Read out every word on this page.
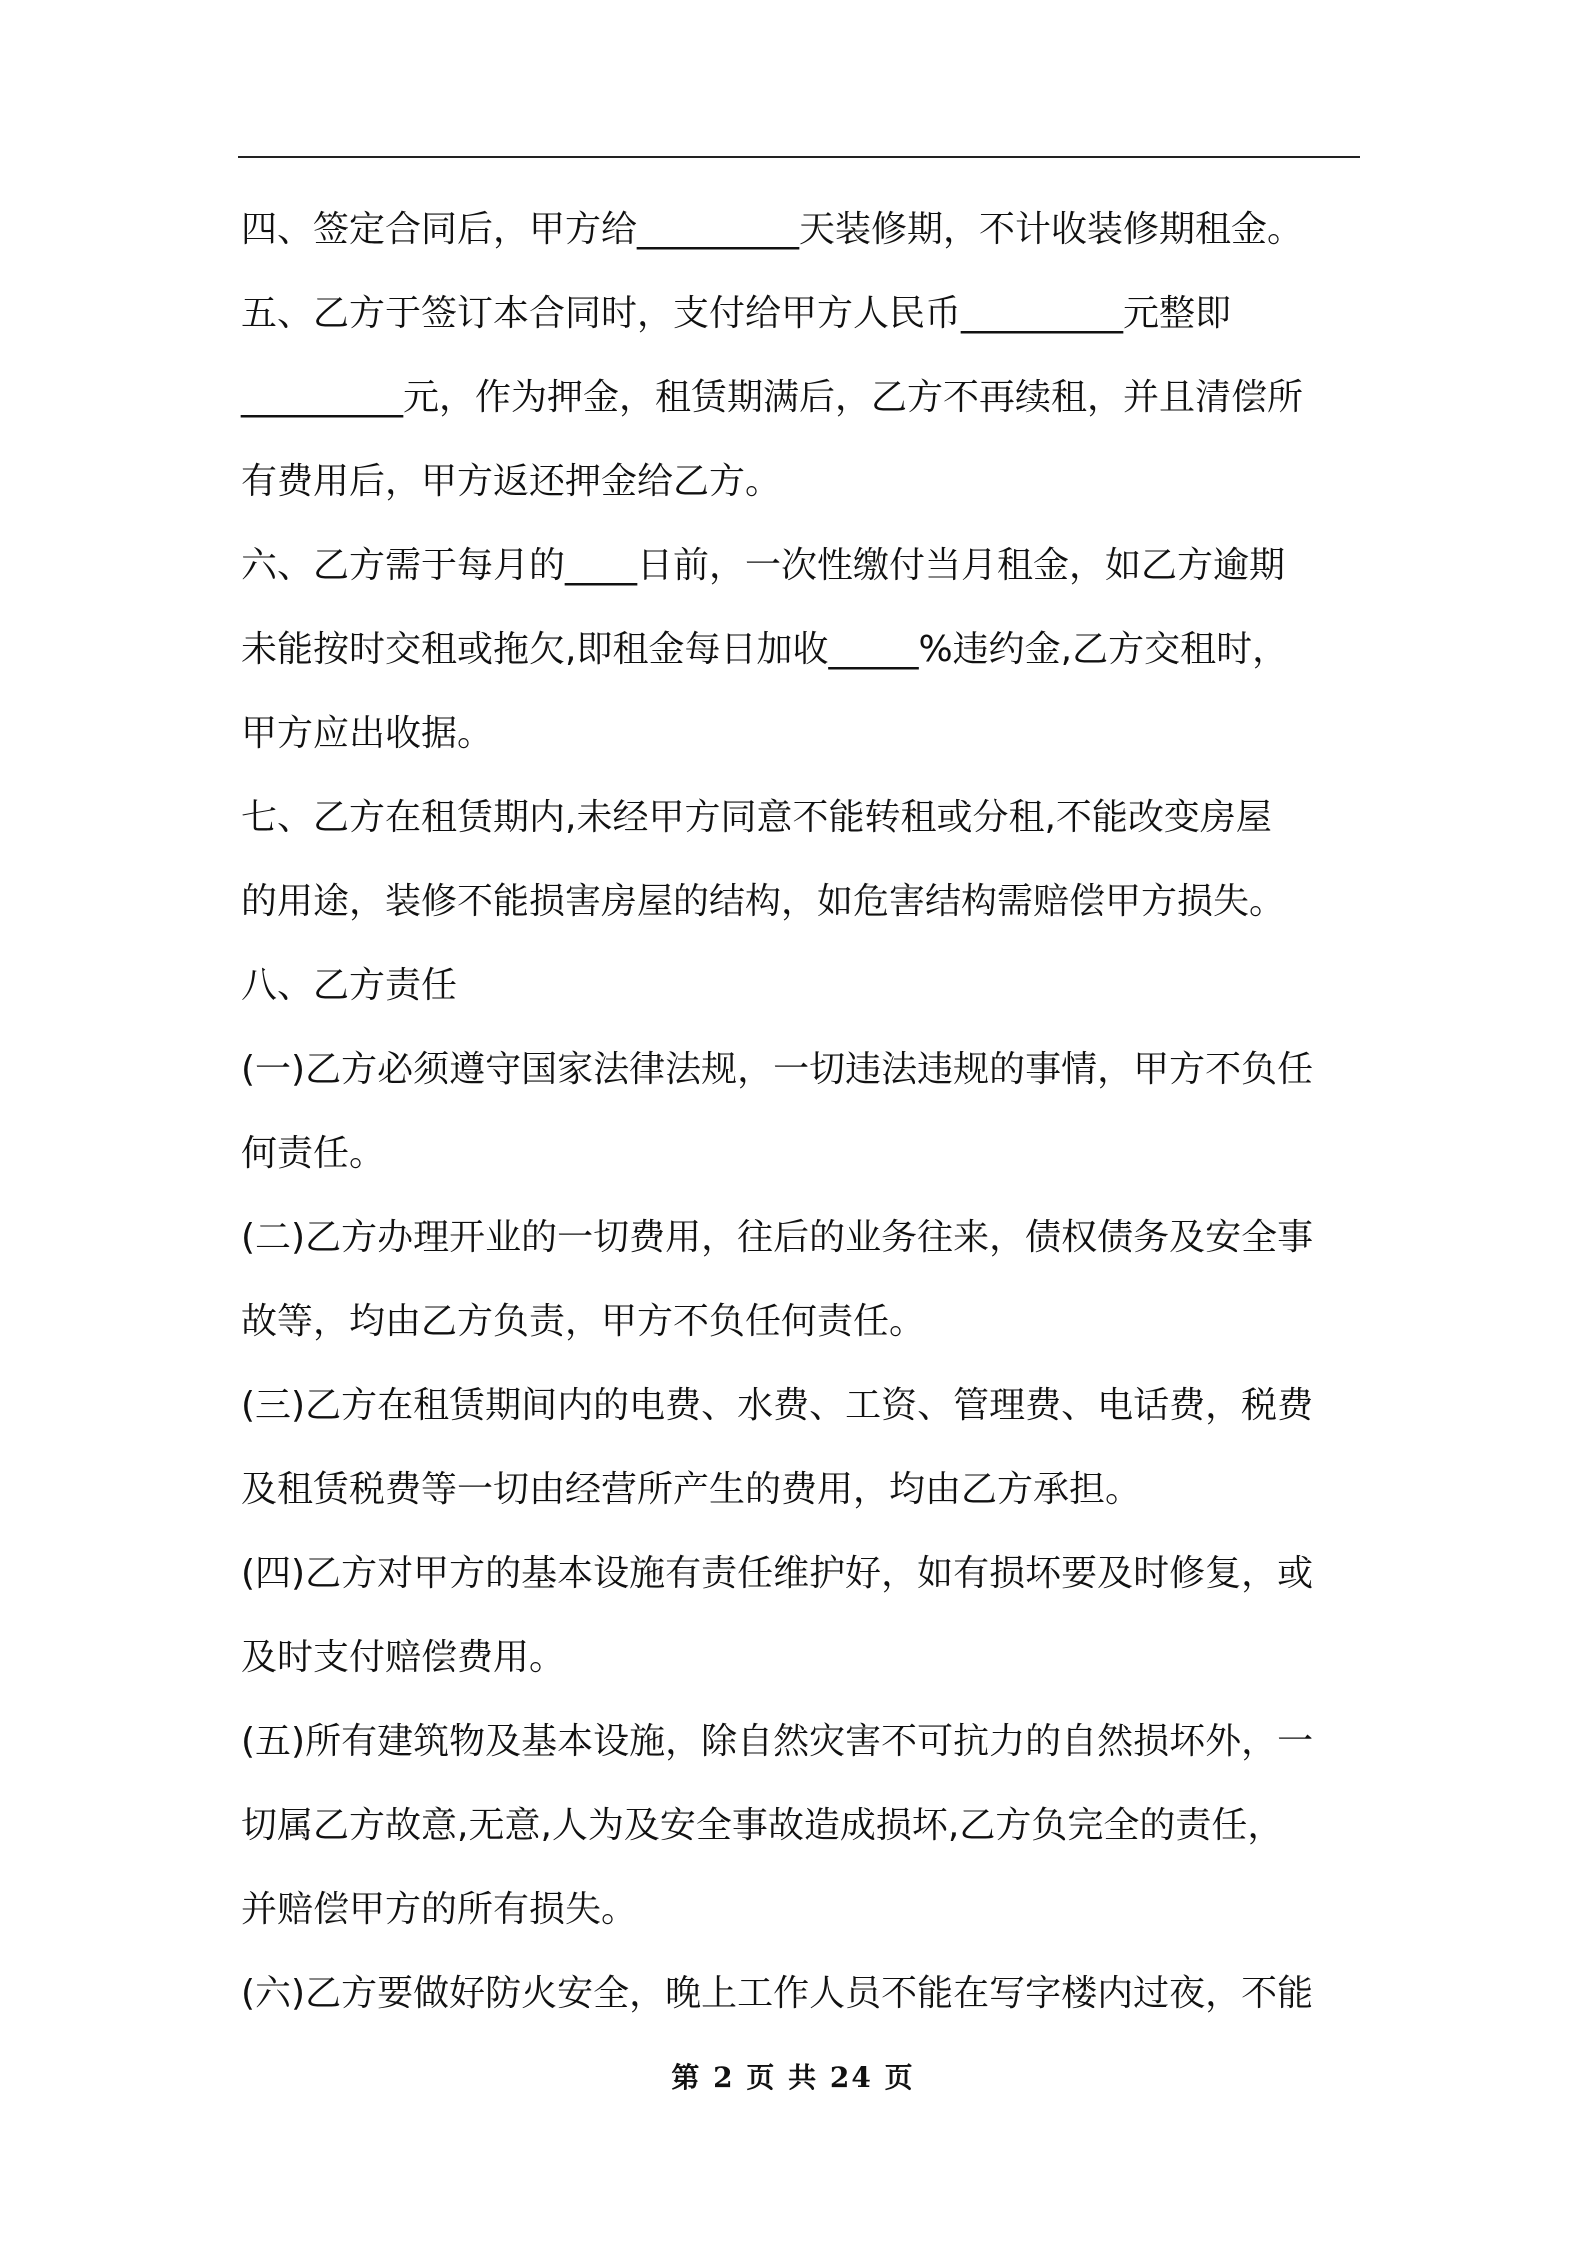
四、签定合同后，甲方给_________天装修期，不计收装修期租金。

五、乙方于签订本合同时，支付给甲方人民币_________元整即

_________元，作为押金，租赁期满后，乙方不再续租，并且清偿所

有费用后，甲方返还押金给乙方。

六、乙方需于每月的____日前，一次性缴付当月租金，如乙方逾期

未能按时交租或拖欠,即租金每日加收_____%违约金,乙方交租时，

甲方应出收据。

七、乙方在租赁期内,未经甲方同意不能转租或分租,不能改变房屋

的用途，装修不能损害房屋的结构，如危害结构需赔偿甲方损失。

八、乙方责任

(一)乙方必须遵守国家法律法规，一切违法违规的事情，甲方不负任

何责任。

(二)乙方办理开业的一切费用，往后的业务往来，债权债务及安全事

故等，均由乙方负责，甲方不负任何责任。

(三)乙方在租赁期间内的电费、水费、工资、管理费、电话费，税费

及租赁税费等一切由经营所产生的费用，均由乙方承担。

(四)乙方对甲方的基本设施有责任维护好，如有损坏要及时修复，或

及时支付赔偿费用。

(五)所有建筑物及基本设施，除自然灾害不可抗力的自然损坏外，一

切属乙方故意,无意,人为及安全事故造成损坏,乙方负完全的责任，

并赔偿甲方的所有损失。

(六)乙方要做好防火安全，晚上工作人员不能在写字楼内过夜，不能

第 2 页 共 24 页
